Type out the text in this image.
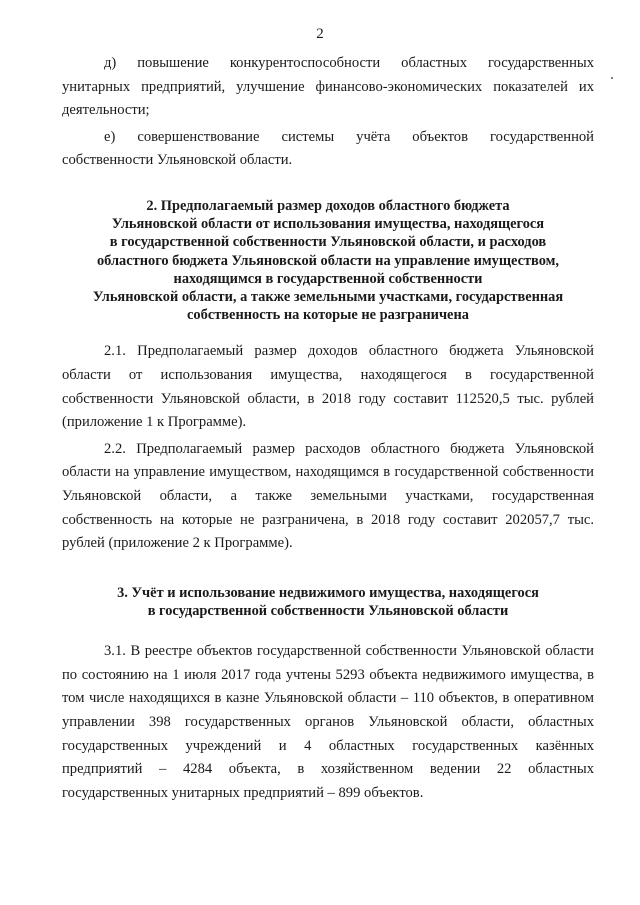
2

д) повышение конкурентоспособности областных государственных унитарных предприятий, улучшение финансово-экономических показателей их деятельности;

е) совершенствование системы учёта объектов государственной собственности Ульяновской области.

2. Предполагаемый размер доходов областного бюджета
Ульяновской области от использования имущества, находящегося
в государственной собственности Ульяновской области, и расходов
областного бюджета Ульяновской области на управление имуществом,
находящимся в государственной собственности
Ульяновской области, а также земельными участками, государственная
собственность на которые не разграничена

2.1. Предполагаемый размер доходов областного бюджета Ульяновской области от использования имущества, находящегося в государственной собственности Ульяновской области, в 2018 году составит 112520,5 тыс. рублей (приложение 1 к Программе).

2.2. Предполагаемый размер расходов областного бюджета Ульяновской области на управление имуществом, находящимся в государственной собственности Ульяновской области, а также земельными участками, государственная собственность на которые не разграничена, в 2018 году составит 202057,7 тыс. рублей (приложение 2 к Программе).

3. Учёт и использование недвижимого имущества, находящегося
в государственной собственности Ульяновской области

3.1. В реестре объектов государственной собственности Ульяновской области по состоянию на 1 июля 2017 года учтены 5293 объекта недвижимого имущества, в том числе находящихся в казне Ульяновской области – 110 объектов, в оперативном управлении 398 государственных органов Ульяновской области, областных государственных учреждений и 4 областных государственных казённых предприятий – 4284 объекта, в хозяйственном ведении 22 областных государственных унитарных предприятий – 899 объектов.
